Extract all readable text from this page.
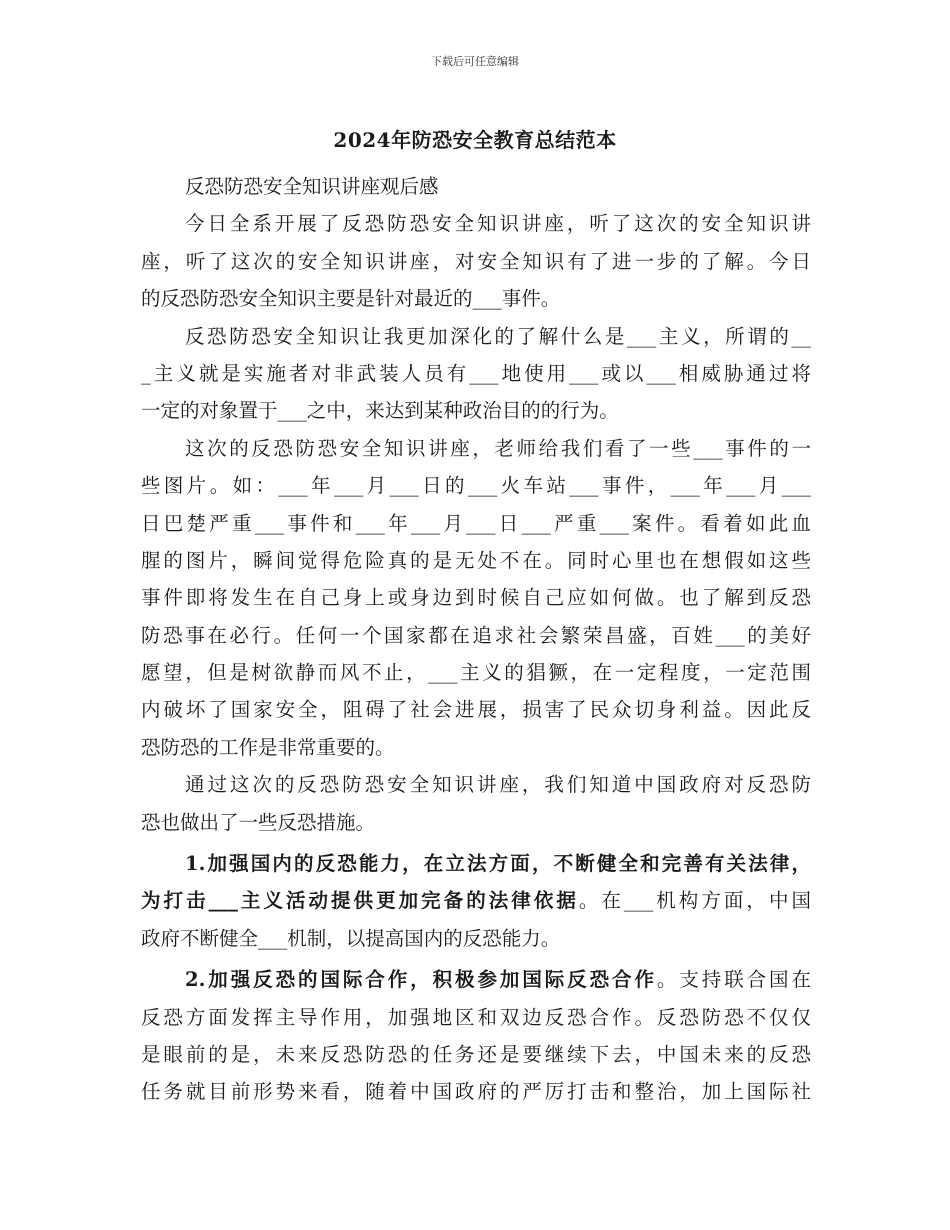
下载后可任意编辑
2024年防恐安全教育总结范本

反恐防恐安全知识讲座观后感

今日全系开展了反恐防恐安全知识讲座，听了这次的安全知识讲
座，听了这次的安全知识讲座，对安全知识有了进一步的了解。今日
的反恐防恐安全知识主要是针对最近的___事件。

反恐防恐安全知识让我更加深化的了解什么是___主义，所谓的__
_主义就是实施者对非武装人员有___地使用___或以___相威胁通过将
一定的对象置于___之中，来达到某种政治目的的行为。

这次的反恐防恐安全知识讲座，老师给我们看了一些___事件的一
些图片。如：___年___月___日的___火车站___事件，___年___月___
日巴楚严重___事件和___年___月___日___严重___案件。看着如此血
腥的图片，瞬间觉得危险真的是无处不在。同时心里也在想假如这些
事件即将发生在自己身上或身边到时候自己应如何做。也了解到反恐
防恐事在必行。任何一个国家都在追求社会繁荣昌盛，百姓___的美好
愿望，但是树欲静而风不止，___主义的猖獗，在一定程度，一定范围
内破坏了国家安全，阻碍了社会进展，损害了民众切身利益。因此反
恐防恐的工作是非常重要的。

通过这次的反恐防恐安全知识讲座，我们知道中国政府对反恐防
恐也做出了一些反恐措施。

1.加强国内的反恐能力，在立法方面，不断健全和完善有关法律，
为打击___主义活动提供更加完备的法律依据。在___机构方面，中国
政府不断健全___机制，以提高国内的反恐能力。

2.加强反恐的国际合作，积极参加国际反恐合作。支持联合国在
反恐方面发挥主导作用，加强地区和双边反恐合作。反恐防恐不仅仅
是眼前的是，未来反恐防恐的任务还是要继续下去，中国未来的反恐
任务就目前形势来看，随着中国政府的严厉打击和整治，加上国际社
